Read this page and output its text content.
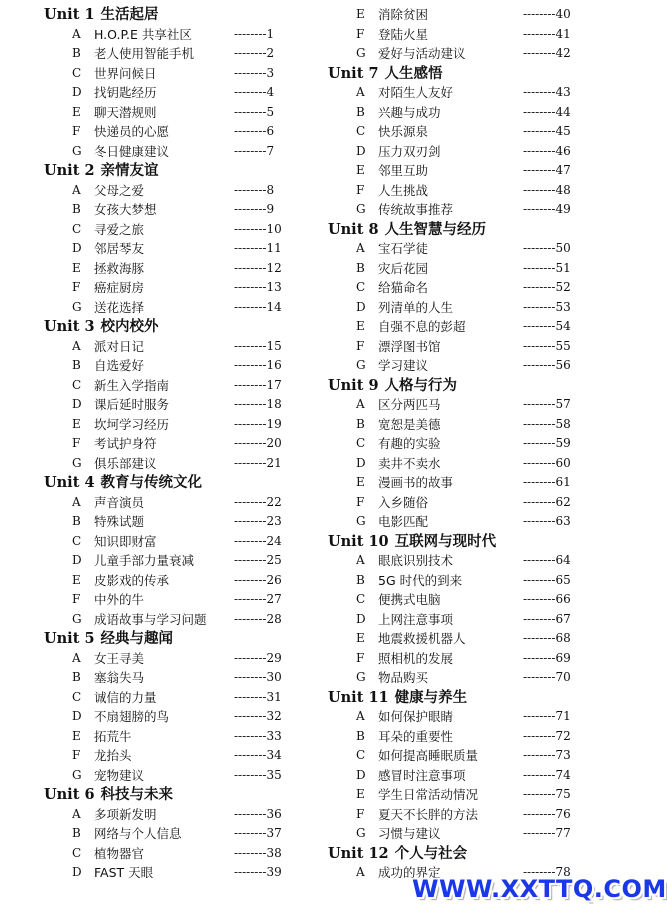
Unit 1 生活起居
A H.O.P.E 共享社区	--------1
B 老人使用智能手机	--------2
C 世界问候日	--------3
D 找钥匙经历	--------4
E 聊天潜规则	--------5
F 快递员的心愿	--------6
G 冬日健康建议	--------7
Unit 2 亲情友谊
A 父母之爱	--------8
B 女孩大梦想	--------9
C 寻爱之旅	--------10
D 邻居琴友	--------11
E 拯救海豚	--------12
F 癌症厨房	--------13
G 送花选择	--------14
Unit 3 校内校外
A 派对日记	--------15
B 自选爱好	--------16
C 新生入学指南	--------17
D 课后延时服务	--------18
E 坎坷学习经历	--------19
F 考试护身符	--------20
G 俱乐部建议	--------21
Unit 4 教育与传统文化
A 声音演员	--------22
B 特殊试题	--------23
C 知识即财富	--------24
D 儿童手部力量衰减	--------25
E 皮影戏的传承	--------26
F 中外的牛	--------27
G 成语故事与学习问题 --------28
Unit 5 经典与趣闻
A 女王寻美	--------29
B 塞翁失马	--------30
C 诚信的力量	--------31
D 不扇翅膀的鸟	--------32
E 拓荒牛	--------33
F 龙抬头	--------34
G 宠物建议	--------35
Unit 6 科技与未来
A 多项新发明	--------36
B 网络与个人信息	--------37
C 植物器官	--------38
D FAST 天眼	--------39
E 消除贫困	--------40
F 登陆火星	--------41
G 爱好与活动建议	--------42
Unit 7 人生感悟
A 对陌生人友好	--------43
B 兴趣与成功	--------44
C 快乐源泉	--------45
D 压力双刃剑	--------46
E 邻里互助	--------47
F 人生挑战	--------48
G 传统故事推荐	--------49
Unit 8 人生智慧与经历
A 宝石学徒	--------50
B 灾后花园	--------51
C 给猫命名	--------52
D 列清单的人生	--------53
E 自强不息的彭超	--------54
F 漂浮图书馆	--------55
G 学习建议	--------56
Unit 9 人格与行为
A 区分两匹马	--------57
B 宽恕是美德	--------58
C 有趣的实验	--------59
D 卖井不卖水	--------60
E 漫画书的故事	--------61
F 入乡随俗	--------62
G 电影匹配	--------63
Unit 10 互联网与现时代
A 眼底识别技术	--------64
B 5G 时代的到来	--------65
C 便携式电脑	--------66
D 上网注意事项	--------67
E 地震救援机器人	--------68
F 照相机的发展	--------69
G 物品购买	--------70
Unit 11 健康与养生
A 如何保护眼睛	--------71
B 耳朵的重要性	--------72
C 如何提高睡眠质量	--------73
D 感冒时注意事项	--------74
E 学生日常活动情况	--------75
F 夏天不长胖的方法	--------76
G 习惯与建议	--------77
Unit 12 个人与社会
A 成功的界定	--------78
WWW.XXTTQ.COM
